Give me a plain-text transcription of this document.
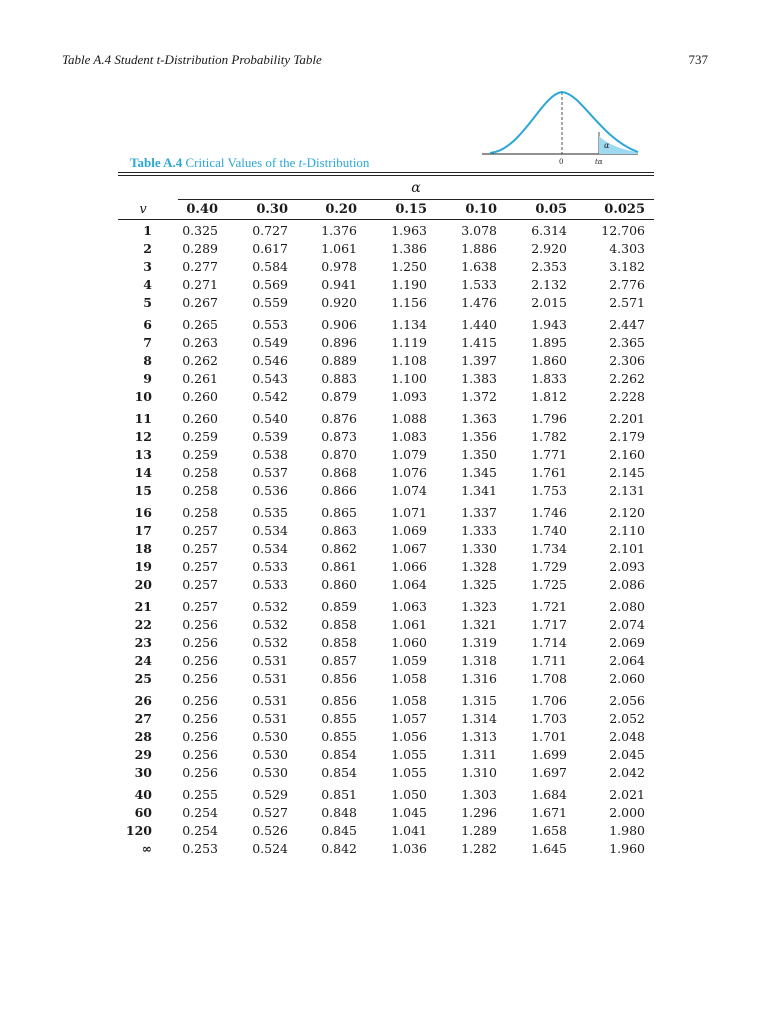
Table A.4 Student t-Distribution Probability Table	737
α
0	tα
Table A.4 Critical Values of the t-Distribution
α
v	0.40	0.30	0.20	0.15	0.10	0.05	0.025
1	0.325	0.727	1.376	1.963	3.078	6.314	12.706
2	0.289	0.617	1.061	1.386	1.886	2.920	4.303
3	0.277	0.584	0.978	1.250	1.638	2.353	3.182
4	0.271	0.569	0.941	1.190	1.533	2.132	2.776
5	0.267	0.559	0.920	1.156	1.476	2.015	2.571
6	0.265	0.553	0.906	1.134	1.440	1.943	2.447
7	0.263	0.549	0.896	1.119	1.415	1.895	2.365
8	0.262	0.546	0.889	1.108	1.397	1.860	2.306
9	0.261	0.543	0.883	1.100	1.383	1.833	2.262
10	0.260	0.542	0.879	1.093	1.372	1.812	2.228
11	0.260	0.540	0.876	1.088	1.363	1.796	2.201
12	0.259	0.539	0.873	1.083	1.356	1.782	2.179
13	0.259	0.538	0.870	1.079	1.350	1.771	2.160
14	0.258	0.537	0.868	1.076	1.345	1.761	2.145
15	0.258	0.536	0.866	1.074	1.341	1.753	2.131
16	0.258	0.535	0.865	1.071	1.337	1.746	2.120
17	0.257	0.534	0.863	1.069	1.333	1.740	2.110
18	0.257	0.534	0.862	1.067	1.330	1.734	2.101
19	0.257	0.533	0.861	1.066	1.328	1.729	2.093
20	0.257	0.533	0.860	1.064	1.325	1.725	2.086
21	0.257	0.532	0.859	1.063	1.323	1.721	2.080
22	0.256	0.532	0.858	1.061	1.321	1.717	2.074
23	0.256	0.532	0.858	1.060	1.319	1.714	2.069
24	0.256	0.531	0.857	1.059	1.318	1.711	2.064
25	0.256	0.531	0.856	1.058	1.316	1.708	2.060
26	0.256	0.531	0.856	1.058	1.315	1.706	2.056
27	0.256	0.531	0.855	1.057	1.314	1.703	2.052
28	0.256	0.530	0.855	1.056	1.313	1.701	2.048
29	0.256	0.530	0.854	1.055	1.311	1.699	2.045
30	0.256	0.530	0.854	1.055	1.310	1.697	2.042
40	0.255	0.529	0.851	1.050	1.303	1.684	2.021
60	0.254	0.527	0.848	1.045	1.296	1.671	2.000
120	0.254	0.526	0.845	1.041	1.289	1.658	1.980
∞	0.253	0.524	0.842	1.036	1.282	1.645	1.960
